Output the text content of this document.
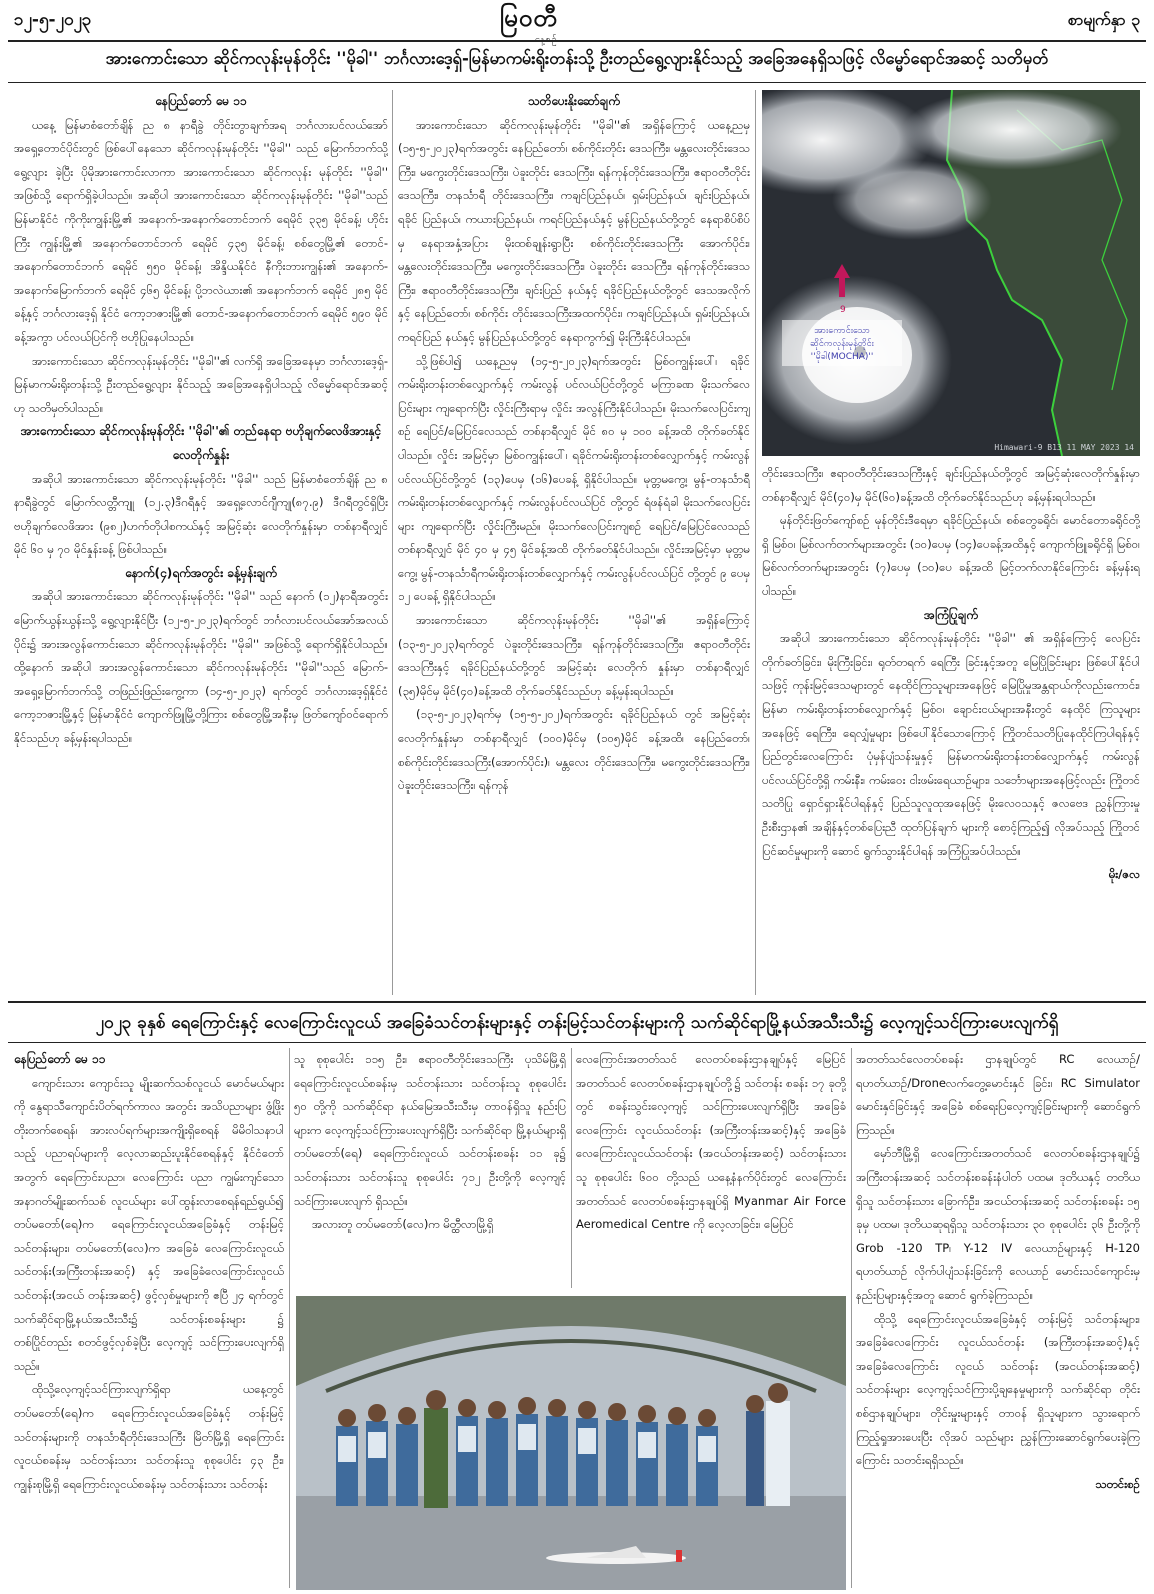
၁၂-၅-၂၀၂၃	မြဝတီ	စာမျက်နှာ ၃
အားကောင်းသော ဆိုင်ကလုန်းမုန်တိုင်း ''မိုခါ'' ဘင်္ဂလားဒေ့ရှ်-မြန်မာကမ်းရိုးတန်းသို့ ဦးတည်ရွေ့လျားနိုင်သည့် အခြေအနေရှိသဖြင့် လိမ္မော်ရောင်အဆင့် သတိမှတ်

နေပြည်တော် မေ ၁၁

ယနေ့ မြန်မာစံတော်ချိန် ည ၈ နာရီခွဲ တိုင်းတွာချက်အရ ဘင်္ဂလားပင်လယ်အော် အရှေ့တောင်ပိုင်းတွင် ဖြစ်ပေါ်နေသော ဆိုင်ကလုန်းမုန်တိုင်း ''မိုခါ'' သည် မြောက်ဘက်သို့ ရွေ့လျား ခဲ့ပြီး ပိုမိုအားကောင်းလာကာ အားကောင်းသော ဆိုင်ကလုန်း မုန်တိုင်း ''မိုခါ'' အဖြစ်သို့ ရောက်ရှိခဲ့ပါသည်။ အဆိုပါ အားကောင်းသော ဆိုင်ကလုန်းမုန်တိုင်း ''မိုခါ''သည် မြန်မာနိုင်ငံ ကိုကိုးကျွန်းမြို့၏ အနောက်-အနောက်တောင်ဘက် ရေမိုင် ၃၃၅ မိုင်ခန့်၊ ဟိုင်းကြီး ကျွန်းမြို့၏ အနောက်တောင်ဘက် ရေမိုင် ၄၃၅ မိုင်ခန့်၊ စစ်တွေမြို့၏ တောင်-အနောက်တောင်ဘက် ရေမိုင် ၅၅၀ မိုင်ခန့်၊ အိန္ဒိယနိုင်ငံ နီကိုးဘားကျွန်း၏ အနောက်-အနောက်မြောက်ဘက် ရေမိုင် ၄၆၅ မိုင်ခန့်၊ ပို့ဘလဲယား၏ အနောက်ဘက် ရေမိုင် ၂၈၅ မိုင်ခန့်နှင့် ဘင်္ဂလားဒေ့ရှ် နိုင်ငံ ကော့ဘဇားမြို့၏ တောင်-အနောက်တောင်ဘက် ရေမိုင် ၅၉၀ မိုင်ခန့်အကွာ ပင်လယ်ပြင်ကို ဗဟိုပြုနေပါသည်။

အားကောင်းသော ဆိုင်ကလုန်းမုန်တိုင်း ''မိုခါ''၏ လက်ရှိ အခြေအနေမှာ ဘင်္ဂလားဒေ့ရှ်-မြန်မာကမ်းရိုးတန်းသို့ ဦးတည်ရွေ့လျား နိုင်သည့် အခြေအနေရှိပါသည့် လိမ္မော်ရောင်အဆင့်ဟု သတိမှတ်ပါသည်။

အားကောင်းသော ဆိုင်ကလုန်းမုန်တိုင်း ''မိုခါ''၏ တည်နေရာ ဗဟိုချက်လေဖိအားနှင့် လေတိုက်နှုန်း

အဆိုပါ အားကောင်းသော ဆိုင်ကလုန်းမုန်တိုင်း ''မိုခါ'' သည် မြန်မာစံတော်ချိန် ည ၈ နာရီခွဲတွင် မြောက်လတ္တီကျူ (၁၂.၃)ဒီဂရီနှင့် အရှေ့လောင်ဂျီကျု(၈၇.၉) ဒီဂရီတွင်ရှိပြီး ဗဟိုချက်လေဖိအား (၉၈၂)ဟက်တိုပါစကယ်နှင့် အမြင့်ဆုံး လေတိုက်နှုန်းမှာ တစ်နာရီလျှင် မိုင် ၆၀ မှ ၇၀ မိုင်နှုန်းခန့် ဖြစ်ပါသည်။

နောက်(၄)ရက်အတွင်း ခန့်မှန်းချက်

အဆိုပါ အားကောင်းသော ဆိုင်ကလုန်းမုန်တိုင်း ''မိုခါ'' သည် နောက် (၁၂)နာရီအတွင်း မြောက်ယွန်းယွန်းသို့ ရွေ့လျားနိုင်ပြီး (၁၂-၅-၂၀၂၃)ရက်တွင် ဘင်္ဂလားပင်လယ်အော်အလယ်ပိုင်း၌ အားအလွန်ကောင်းသော ဆိုင်ကလုန်းမုန်တိုင်း ''မိုခါ'' အဖြစ်သို့ ရောက်ရှိနိုင်ပါသည်။ ထို့နောက် အဆိုပါ အားအလွန်ကောင်းသော ဆိုင်ကလုန်းမုန်တိုင်း ''မိုခါ''သည် မြောက်-အရှေ့မြောက်ဘက်သို့ တဖြည်းဖြည်းကွေ့ကာ (၁၄-၅-၂၀၂၃) ရက်တွင် ဘင်္ဂလားဒေ့ရှ်နိုင်ငံ ကော့ဘဇားမြို့နှင့် မြန်မာနိုင်ငံ ကျောက်ဖြူမြို့တို့ကြား စစ်တွေမြို့အနီးမှ ဖြတ်ကျော်ဝင်ရောက် နိုင်သည်ဟု ခန့်မှန်းရပါသည်။

သတိပေးနိုးဆော်ချက်

အားကောင်းသော ဆိုင်ကလုန်းမုန်တိုင်း ''မိုခါ''၏ အရှိန်ကြောင့် ယနေ့ညမှ (၁၅-၅-၂၀၂၃)ရက်အတွင်း နေပြည်တော်၊ စစ်ကိုင်းတိုင်း ဒေသကြီး၊ မန္တလေးတိုင်းဒေသကြီး၊ မကွေးတိုင်းဒေသကြီး၊ ပဲခူးတိုင်း ဒေသကြီး၊ ရန်ကုန်တိုင်းဒေသကြီး၊ ဧရာဝတီတိုင်းဒေသကြီး၊ တနင်္သာရီ တိုင်းဒေသကြီး၊ ကချင်ပြည်နယ်၊ ရှမ်းပြည်နယ်၊ ချင်းပြည်နယ်၊ ရခိုင် ပြည်နယ်၊ ကယားပြည်နယ်၊ ကရင်ပြည်နယ်နှင့် မွန်ပြည်နယ်တို့တွင် နေရာစိပ်စိပ်မှ နေရာအနှံ့အပြား မိုးထစ်ချုန်းရွာပြီး စစ်ကိုင်းတိုင်းဒေသကြီး အောက်ပိုင်း၊ မန္တလေးတိုင်းဒေသကြီး၊ မကွေးတိုင်းဒေသကြီး၊ ပဲခူးတိုင်း ဒေသကြီး၊ ရန်ကုန်တိုင်းဒေသကြီး၊ ဧရာဝတီတိုင်းဒေသကြီး၊ ချင်းပြည် နယ်နှင့် ရခိုင်ပြည်နယ်တို့တွင် ဒေသအလိုက်နှင့် နေပြည်တော်၊ စစ်ကိုင်း တိုင်းဒေသကြီးအထက်ပိုင်း၊ ကချင်ပြည်နယ်၊ ရှမ်းပြည်နယ်၊ ကရင်ပြည် နယ်နှင့် မွန်ပြည်နယ်တို့တွင် နေရာကွက်၍ မိုးကြီးနိုင်ပါသည်။

သို့ဖြစ်ပါ၍ ယနေ့ညမှ (၁၄-၅-၂၀၂၃)ရက်အတွင်း မြစ်ဝကျွန်းပေါ်၊ ရခိုင်ကမ်းရိုးတန်းတစ်လျှောက်နှင့် ကမ်းလွန် ပင်လယ်ပြင်တို့တွင် မကြာခဏ မိုးသက်လေပြင်းများ ကျရောက်ပြီး လှိုင်းကြီးရာမှ လှိုင်း အလွန်ကြီးနိုင်ပါသည်။ မိုးသက်လေပြင်းကျစဉ် ရေပြင်/မြေပြင်လေသည် တစ်နာရီလျှင် မိုင် ၈၀ မှ ၁၀၀ ခန့်အထိ တိုက်ခတ်နိုင်ပါသည်။ လှိုင်း အမြင့်မှာ မြစ်ဝကျွန်းပေါ်၊ ရခိုင်ကမ်းရိုးတန်းတစ်လျှောက်နှင့် ကမ်းလွန် ပင်လယ်ပြင်တို့တွင် (၁၃)ပေမှ (၁၆)ပေခန့် ရှိနိုင်ပါသည်။ မုတ္တမကွေ့၊ မွန်-တနင်္သာရီ ကမ်းရိုးတန်းတစ်လျှောက်နှင့် ကမ်းလွန်ပင်လယ်ပြင် တို့တွင် ရံဖန်ရံခါ မိုးသက်လေပြင်းများ ကျရောက်ပြီး လှိုင်းကြီးမည်။ မိုးသက်လေပြင်းကျစဉ် ရေပြင်/မြေပြင်လေသည် တစ်နာရီလျှင် မိုင် ၄၀ မှ ၄၅ မိုင်ခန့်အထိ တိုက်ခတ်နိုင်ပါသည်။ လှိုင်းအမြင့်မှာ မုတ္တမကွေ့၊ မွန်-တနင်္သာရီကမ်းရိုးတန်းတစ်လျှောက်နှင့် ကမ်းလွန်ပင်လယ်ပြင် တို့တွင် ၉ ပေမှ ၁၂ ပေခန့် ရှိနိုင်ပါသည်။

အားကောင်းသော ဆိုင်ကလုန်းမုန်တိုင်း ''မိုခါ''၏ အရှိန်ကြောင့် (၁၃-၅-၂၀၂၃)ရက်တွင် ပဲခူးတိုင်းဒေသကြီး၊ ရန်ကုန်တိုင်းဒေသကြီး၊ ဧရာဝတီတိုင်းဒေသကြီးနှင့် ရခိုင်ပြည်နယ်တို့တွင် အမြင့်ဆုံး လေတိုက် နှုန်းမှာ တစ်နာရီလျှင် (၃၅)မိုင်မှ မိုင်(၄၀)ခန့်အထိ တိုက်ခတ်နိုင်သည်ဟု ခန့်မှန်းရပါသည်။

(၁၃-၅-၂၀၂၃)ရက်မှ (၁၅-၅-၂၀၂)ရက်အတွင်း ရခိုင်ပြည်နယ် တွင် အမြင့်ဆုံးလေတိုက်နှုန်းမှာ တစ်နာရီလျှင် (၁၀၀)မိုင်မှ (၁၀၅)မိုင် ခန့်အထိ၊ နေပြည်တော်၊ စစ်ကိုင်းတိုင်းဒေသကြီး(အောက်ပိုင်း)၊ မန္တလေး တိုင်းဒေသကြီး၊ မကွေးတိုင်းဒေသကြီး၊ ပဲခူးတိုင်းဒေသကြီး၊ ရန်ကုန်

9
အားကောင်းသော
ဆိုင်ကလုန်းမုန်တိုင်း
''မိုခါ(MOCHA)''
Himawari-9 B13 11 MAY 2023 14

တိုင်းဒေသကြီး၊ ဧရာဝတီတိုင်းဒေသကြီးနှင့် ချင်းပြည်နယ်တို့တွင် အမြင့်ဆုံးလေတိုက်နှုန်းမှာ တစ်နာရီလျှင် မိုင်(၄၀)မှ မိုင်(၆၀)ခန့်အထိ တိုက်ခတ်နိုင်သည်ဟု ခန့်မှန်းရပါသည်။

မုန်တိုင်းဖြတ်ကျော်စဉ် မုန်တိုင်းဒီရေမှာ ရခိုင်ပြည်နယ်၊ စစ်တွေခရိုင်၊ မောင်တောခရိုင်တို့ရှိ မြစ်ဝ၊ မြစ်လက်တက်များအတွင်း (၁၀)ပေမှ (၁၄)ပေခန့်အထိနှင့် ကျောက်ဖြူခရိုင်ရှိ မြစ်ဝ၊ မြစ်လက်တက်များအတွင်း (၇)ပေမှ (၁၀)ပေ ခန့်အထိ မြင့်တက်လာနိုင်ကြောင်း ခန့်မှန်းရပါသည်။

အကြံပြုချက်

အဆိုပါ အားကောင်းသော ဆိုင်ကလုန်းမုန်တိုင်း ''မိုခါ'' ၏ အရှိန်ကြောင့် လေပြင်းတိုက်ခတ်ခြင်း၊ မိုးကြီးခြင်း၊ ရုတ်တရက် ရေကြီး ခြင်းနှင့်အတူ မြေပြိုခြင်းများ ဖြစ်ပေါ်နိုင်ပါသဖြင့် ကုန်းမြင့်ဒေသများတွင် နေထိုင်ကြသူများအနေဖြင့် မြေပြိုမှုအန္တရာယ်ကိုလည်းကောင်း၊ မြန်မာ ကမ်းရိုးတန်းတစ်လျှောက်နှင့် မြစ်ဝ၊ ချောင်းငယ်များအနီးတွင် နေထိုင် ကြသူများအနေဖြင့် ရေကြီး၊ ရေလျှံမှုများ ဖြစ်ပေါ်နိုင်သောကြောင့် ကြိုတင်သတိပြုနေထိုင်ကြပါရန်နှင့် ပြည်တွင်းလေကြောင်း ပုံမှန်ပျံသန်းမှုနှင့် မြန်မာကမ်းရိုးတန်းတစ်လျှောက်နှင့် ကမ်းလွန်ပင်လယ်ပြင်တို့ရှိ ကမ်းနီး၊ ကမ်းဝေး ငါးဖမ်းရေယာဉ်များ၊ သင်္ဘောများအနေဖြင့်လည်း ကြိုတင် သတိပြု ရှောင်ရှားနိုင်ပါရန်နှင့် ပြည်သူလူထုအနေဖြင့် မိုးလေဝသနှင့် ဇလဗေဒ ညွှန်ကြားမှုဦးစီးဌာန၏ အချိန်နှင့်တစ်ပြေးညီ ထုတ်ပြန်ချက် များကို စောင့်ကြည့်၍ လိုအပ်သည့် ကြိုတင်ပြင်ဆင်မှုများကို ဆောင် ရွက်သွားနိုင်ပါရန် အကြံပြုအပ်ပါသည်။

မိုး/ဇလ

၂၀၂၃ ခုနှစ် ရေကြောင်းနှင့် လေကြောင်းလူငယ် အခြေခံသင်တန်းများနှင့် တန်းမြင့်သင်တန်းများကို သက်ဆိုင်ရာမြို့နယ်အသီးသီး၌ လေ့ကျင့်သင်ကြားပေးလျက်ရှိ

နေပြည်တော် မေ ၁၁

ကျောင်းသား ကျောင်းသူ မျိုးဆက်သစ်လူငယ် မောင်မယ်များကို နွေရာသီကျောင်းပိတ်ရက်ကာလ အတွင်း အသိပညာများ ဖွံ့ဖြိုးတိုးတက်စေရန်၊ အားလပ်ရက်များအကျိုးရှိစေရန် မိမိဝါသနာပါသည့် ပညာရပ်များကို လေ့လာဆည်းပူးနိုင်စေရန်နှင့် နိုင်ငံတော်အတွက် ရေကြောင်းပညာ၊ လေကြောင်း ပညာ ကျွမ်းကျင်သော အနာဂတ်မျိုးဆက်သစ် လူငယ်များ ပေါ်ထွန်းလာစေရန်ရည်ရွယ်၍ တပ်မတော်(ရေ)က ရေကြောင်းလူငယ်အခြေခံနှင့် တန်းမြင့်သင်တန်းများ၊ တပ်မတော်(လေ)က အခြေခံ လေကြောင်းလူငယ်သင်တန်း(အကြီးတန်းအဆင့်) နှင့် အခြေခံလေကြောင်းလူငယ်သင်တန်း(အငယ် တန်းအဆင့်) ဖွင့်လှစ်မှုများကို ဧပြီ ၂၄ ရက်တွင် သက်ဆိုင်ရာမြို့နယ်အသီးသီး၌ သင်တန်းစခန်းများ ၌ တစ်ပြိုင်တည်း စတင်ဖွင့်လှစ်ခဲ့ပြီး လေ့ကျင့် သင်ကြားပေးလျက်ရှိသည်။

ထိုသို့လေ့ကျင့်သင်ကြားလျက်ရှိရာ ယနေ့တွင် တပ်မတော်(ရေ)က ရေကြောင်းလူငယ်အခြေခံနှင့် တန်းမြင့်သင်တန်းများကို တနင်္သာရီတိုင်းဒေသကြီး မြိတ်မြို့ရှိ ရေကြောင်းလူငယ်စခန်းမှ သင်တန်းသား သင်တန်းသူ စုစုပေါင်း ၄၃ ဦး၊ ကျွန်းစုမြို့ရှိ ရေကြောင်းလူငယ်စခန်းမှ သင်တန်းသား သင်တန်း

သူ စုစုပေါင်း ၁၁၅ ဦး၊ ဧရာဝတီတိုင်းဒေသကြီး ပုသိမ်မြို့ရှိ ရေကြောင်းလူငယ်စခန်းမှ သင်တန်းသား သင်တန်းသူ စုစုပေါင်း ၅၀ တို့ကို သက်ဆိုင်ရာ နယ်မြေအသီးသီးမှ တာဝန်ရှိသူ နည်းပြများက လေ့ကျင့်သင်ကြားပေးလျက်ရှိပြီး သက်ဆိုင်ရာ မြို့နယ်များရှိ တပ်မတော်(ရေ) ရေကြောင်းလူငယ် သင်တန်းစခန်း ၁၁ ခု၌ သင်တန်းသား သင်တန်းသူ စုစုပေါင်း ၇၁၂ ဦးတို့ကို လေ့ကျင့်သင်ကြားပေးလျက် ရှိသည်။

အလားတူ တပ်မတော်(လေ)က မိတ္ထီလာမြို့ရှိ

လေကြောင်းအတတ်သင် လေတပ်စခန်းဌာနချုပ်နှင့် မြေပြင်အတတ်သင် လေတပ်စခန်းဌာနချုပ်တို့၌ သင်တန်း စခန်း ၁၇ ခုတို့တွင် စခန်းသွင်းလေ့ကျင့် သင်ကြားပေးလျက်ရှိပြီး အခြေခံလေကြောင်း လူငယ်သင်တန်း (အကြီးတန်းအဆင့်)နှင့် အခြေခံ လေကြောင်းလူငယ်သင်တန်း (အငယ်တန်းအဆင့်) သင်တန်းသားသူ စုစုပေါင်း ၆၀၀ တို့သည် ယနေ့နံနက်ပိုင်းတွင် လေကြောင်းအတတ်သင် လေတပ်စခန်းဌာနချုပ်ရှိ Myanmar Air Force Aeromedical Centre ကို လေ့လာခြင်း၊ မြေပြင်

အတတ်သင်လေတပ်စခန်း ဌာနချုပ်တွင် RC လေယာဉ်/ရဟတ်ယာဉ်/Droneလက်တွေ့မောင်းနှင် ခြင်း၊ RC Simulator မောင်းနှင်ခြင်းနှင့် အခြေခံ စစ်ရေးပြလေ့ကျင့်ခြင်းများကို ဆောင်ရွက်ကြသည်။

မှော်ဘီမြို့ရှိ လေကြောင်းအတတ်သင် လေတပ်စခန်းဌာနချုပ်၌ အကြီးတန်းအဆင့် သင်တန်းစခန်းနံပါတ် ပထမ၊ ဒုတိယနှင့် တတိယ ရှိသူ သင်တန်းသား ခြောက်ဦး၊ အငယ်တန်းအဆင့် သင်တန်းစခန်း ၁၅ ခုမှ ပထမ၊ ဒုတိယဆုရရှိသူ သင်တန်းသား ၃၀ စုစုပေါင်း ၃၆ ဦးတို့ကို Grob -120 TP၊ Y-12 IV လေယာဉ်များနှင့် H-120 ရဟတ်ယာဉ် လိုက်ပါပျံသန်းခြင်းကို လေယာဉ် မောင်းသင်ကျောင်းမှ နည်းပြများနှင့်အတူ ဆောင် ရွက်ခဲ့ကြသည်။

ထိုသို့ ရေကြောင်းလူငယ်အခြေခံနှင့် တန်းမြင့် သင်တန်းများ၊ အခြေခံလေကြောင်း လူငယ်သင်တန်း (အကြီးတန်းအဆင့်)နှင့် အခြေခံလေကြောင်း လူငယ် သင်တန်း (အငယ်တန်းအဆင့်) သင်တန်းများ လေ့ကျင့်သင်ကြားပို့ချနေမှုများကို သက်ဆိုင်ရာ တိုင်းစစ်ဌာနချုပ်များ၊ တိုင်းမှူးများနှင့် တာဝန် ရှိသူများက သွားရောက်ကြည့်ရှုအားပေးပြီး လိုအပ် သည်များ ညွှန်ကြားဆောင်ရွက်ပေးခဲ့ကြကြောင်း သတင်းရရှိသည်။

သတင်းစဉ်
